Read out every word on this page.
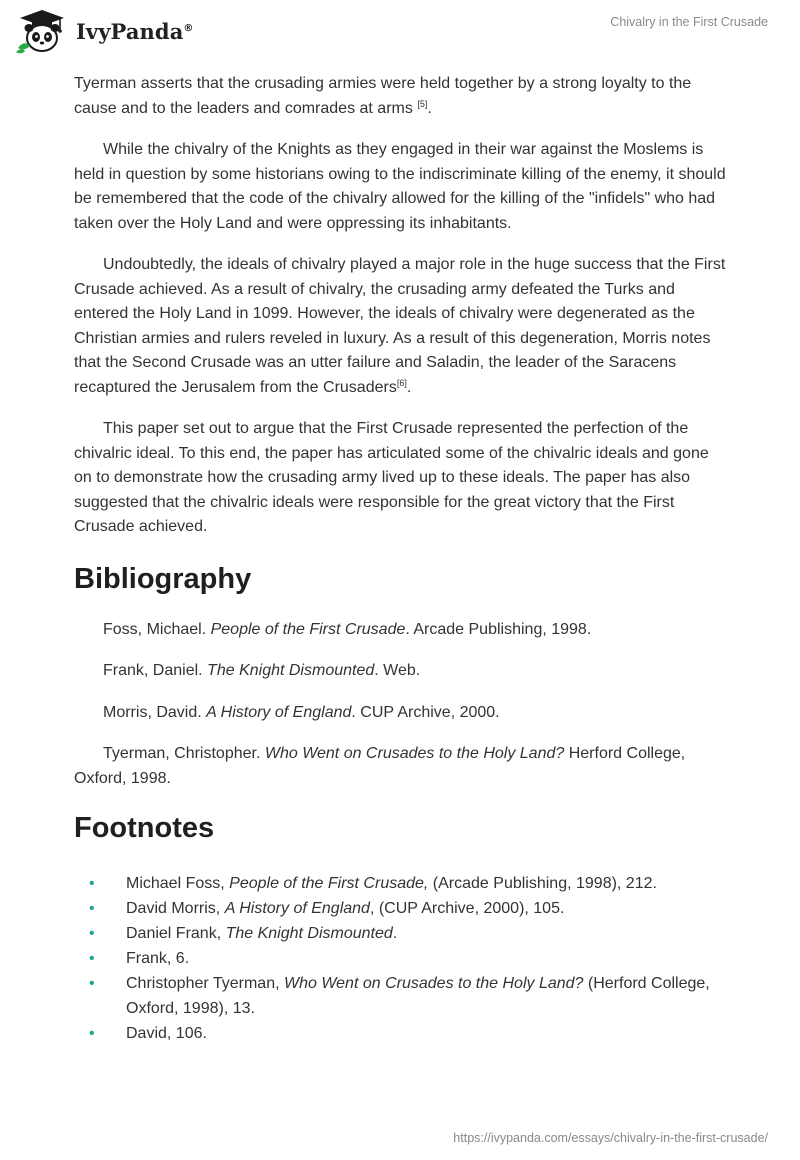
IvyPanda®	Chivalry in the First Crusade

Tyerman asserts that the crusading armies were held together by a strong loyalty to the cause and to the leaders and comrades at arms [5].

While the chivalry of the Knights as they engaged in their war against the Moslems is held in question by some historians owing to the indiscriminate killing of the enemy, it should be remembered that the code of the chivalry allowed for the killing of the "infidels" who had taken over the Holy Land and were oppressing its inhabitants.

Undoubtedly, the ideals of chivalry played a major role in the huge success that the First Crusade achieved. As a result of chivalry, the crusading army defeated the Turks and entered the Holy Land in 1099. However, the ideals of chivalry were degenerated as the Christian armies and rulers reveled in luxury. As a result of this degeneration, Morris notes that the Second Crusade was an utter failure and Saladin, the leader of the Saracens recaptured the Jerusalem from the Crusaders[6].

This paper set out to argue that the First Crusade represented the perfection of the chivalric ideal. To this end, the paper has articulated some of the chivalric ideals and gone on to demonstrate how the crusading army lived up to these ideals. The paper has also suggested that the chivalric ideals were responsible for the great victory that the First Crusade achieved.

Bibliography

Foss, Michael. People of the First Crusade. Arcade Publishing, 1998.

Frank, Daniel. The Knight Dismounted. Web.

Morris, David. A History of England. CUP Archive, 2000.

Tyerman, Christopher. Who Went on Crusades to the Holy Land? Herford College, Oxford, 1998.

Footnotes
• Michael Foss, People of the First Crusade, (Arcade Publishing, 1998), 212.
• David Morris, A History of England, (CUP Archive, 2000), 105.
• Daniel Frank, The Knight Dismounted.
• Frank, 6.
• Christopher Tyerman, Who Went on Crusades to the Holy Land? (Herford College, Oxford, 1998), 13.
• David, 106.
https://ivypanda.com/essays/chivalry-in-the-first-crusade/
